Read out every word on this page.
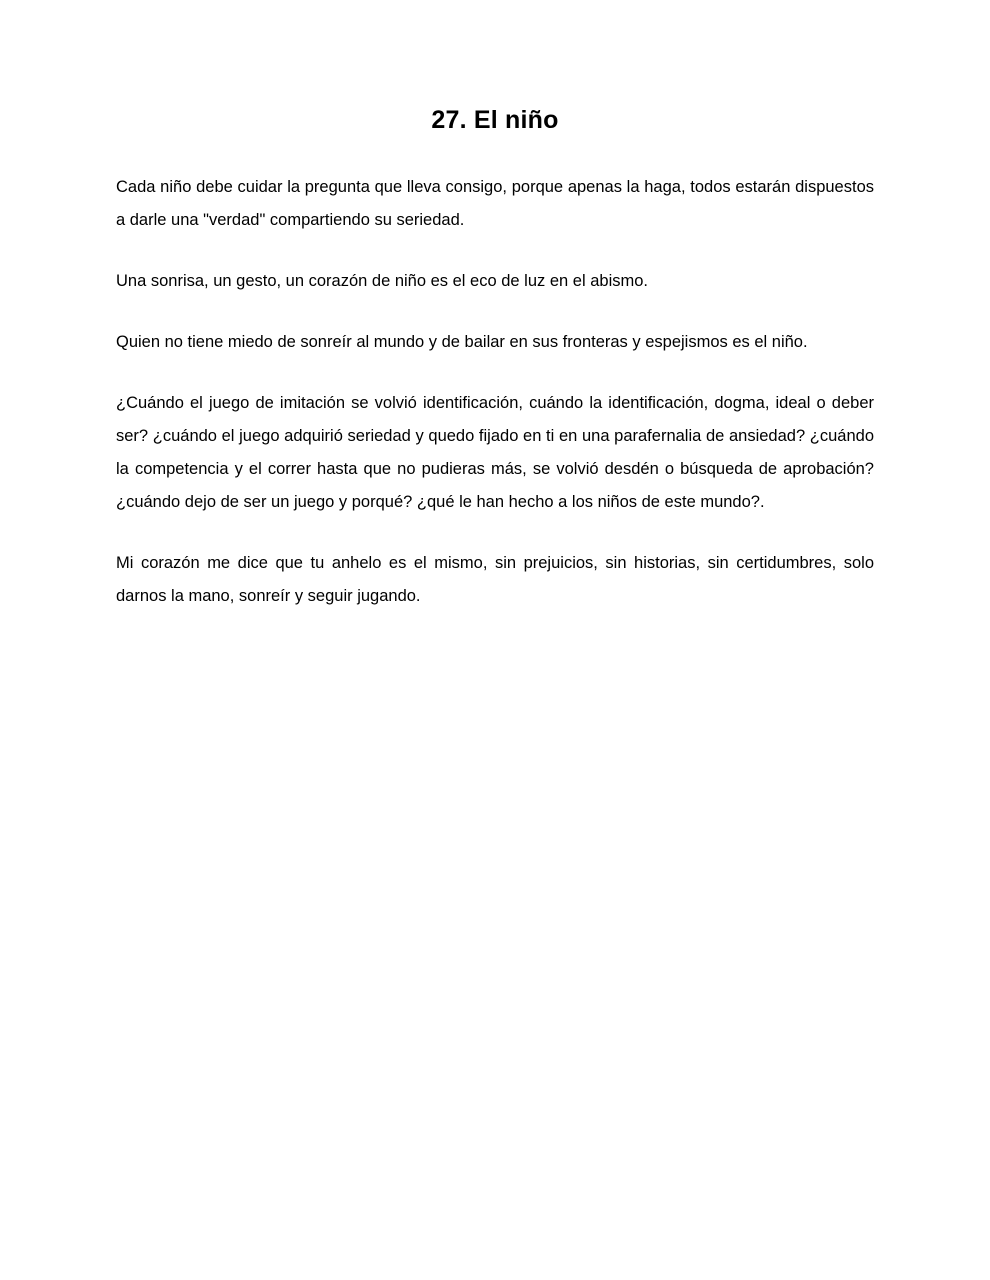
27. El niño

Cada niño debe cuidar la pregunta que lleva consigo, porque apenas la haga, todos estarán dispuestos a darle una "verdad" compartiendo su seriedad.

Una sonrisa, un gesto, un corazón de niño es el eco de luz en el abismo.

Quien no tiene miedo de sonreír al mundo y de bailar en sus fronteras y espejismos es el niño.

¿Cuándo el juego de imitación se volvió identificación, cuándo la identificación, dogma, ideal o deber ser? ¿cuándo el juego adquirió seriedad y quedo fijado en ti en una parafernalia de ansiedad? ¿cuándo la competencia y el correr hasta que no pudieras más, se volvió desdén o búsqueda de aprobación? ¿cuándo dejo de ser un juego y porqué? ¿qué le han hecho a los niños de este mundo?.

Mi corazón me dice que tu anhelo es el mismo, sin prejuicios, sin historias, sin certidumbres, solo darnos la mano, sonreír y seguir jugando.
